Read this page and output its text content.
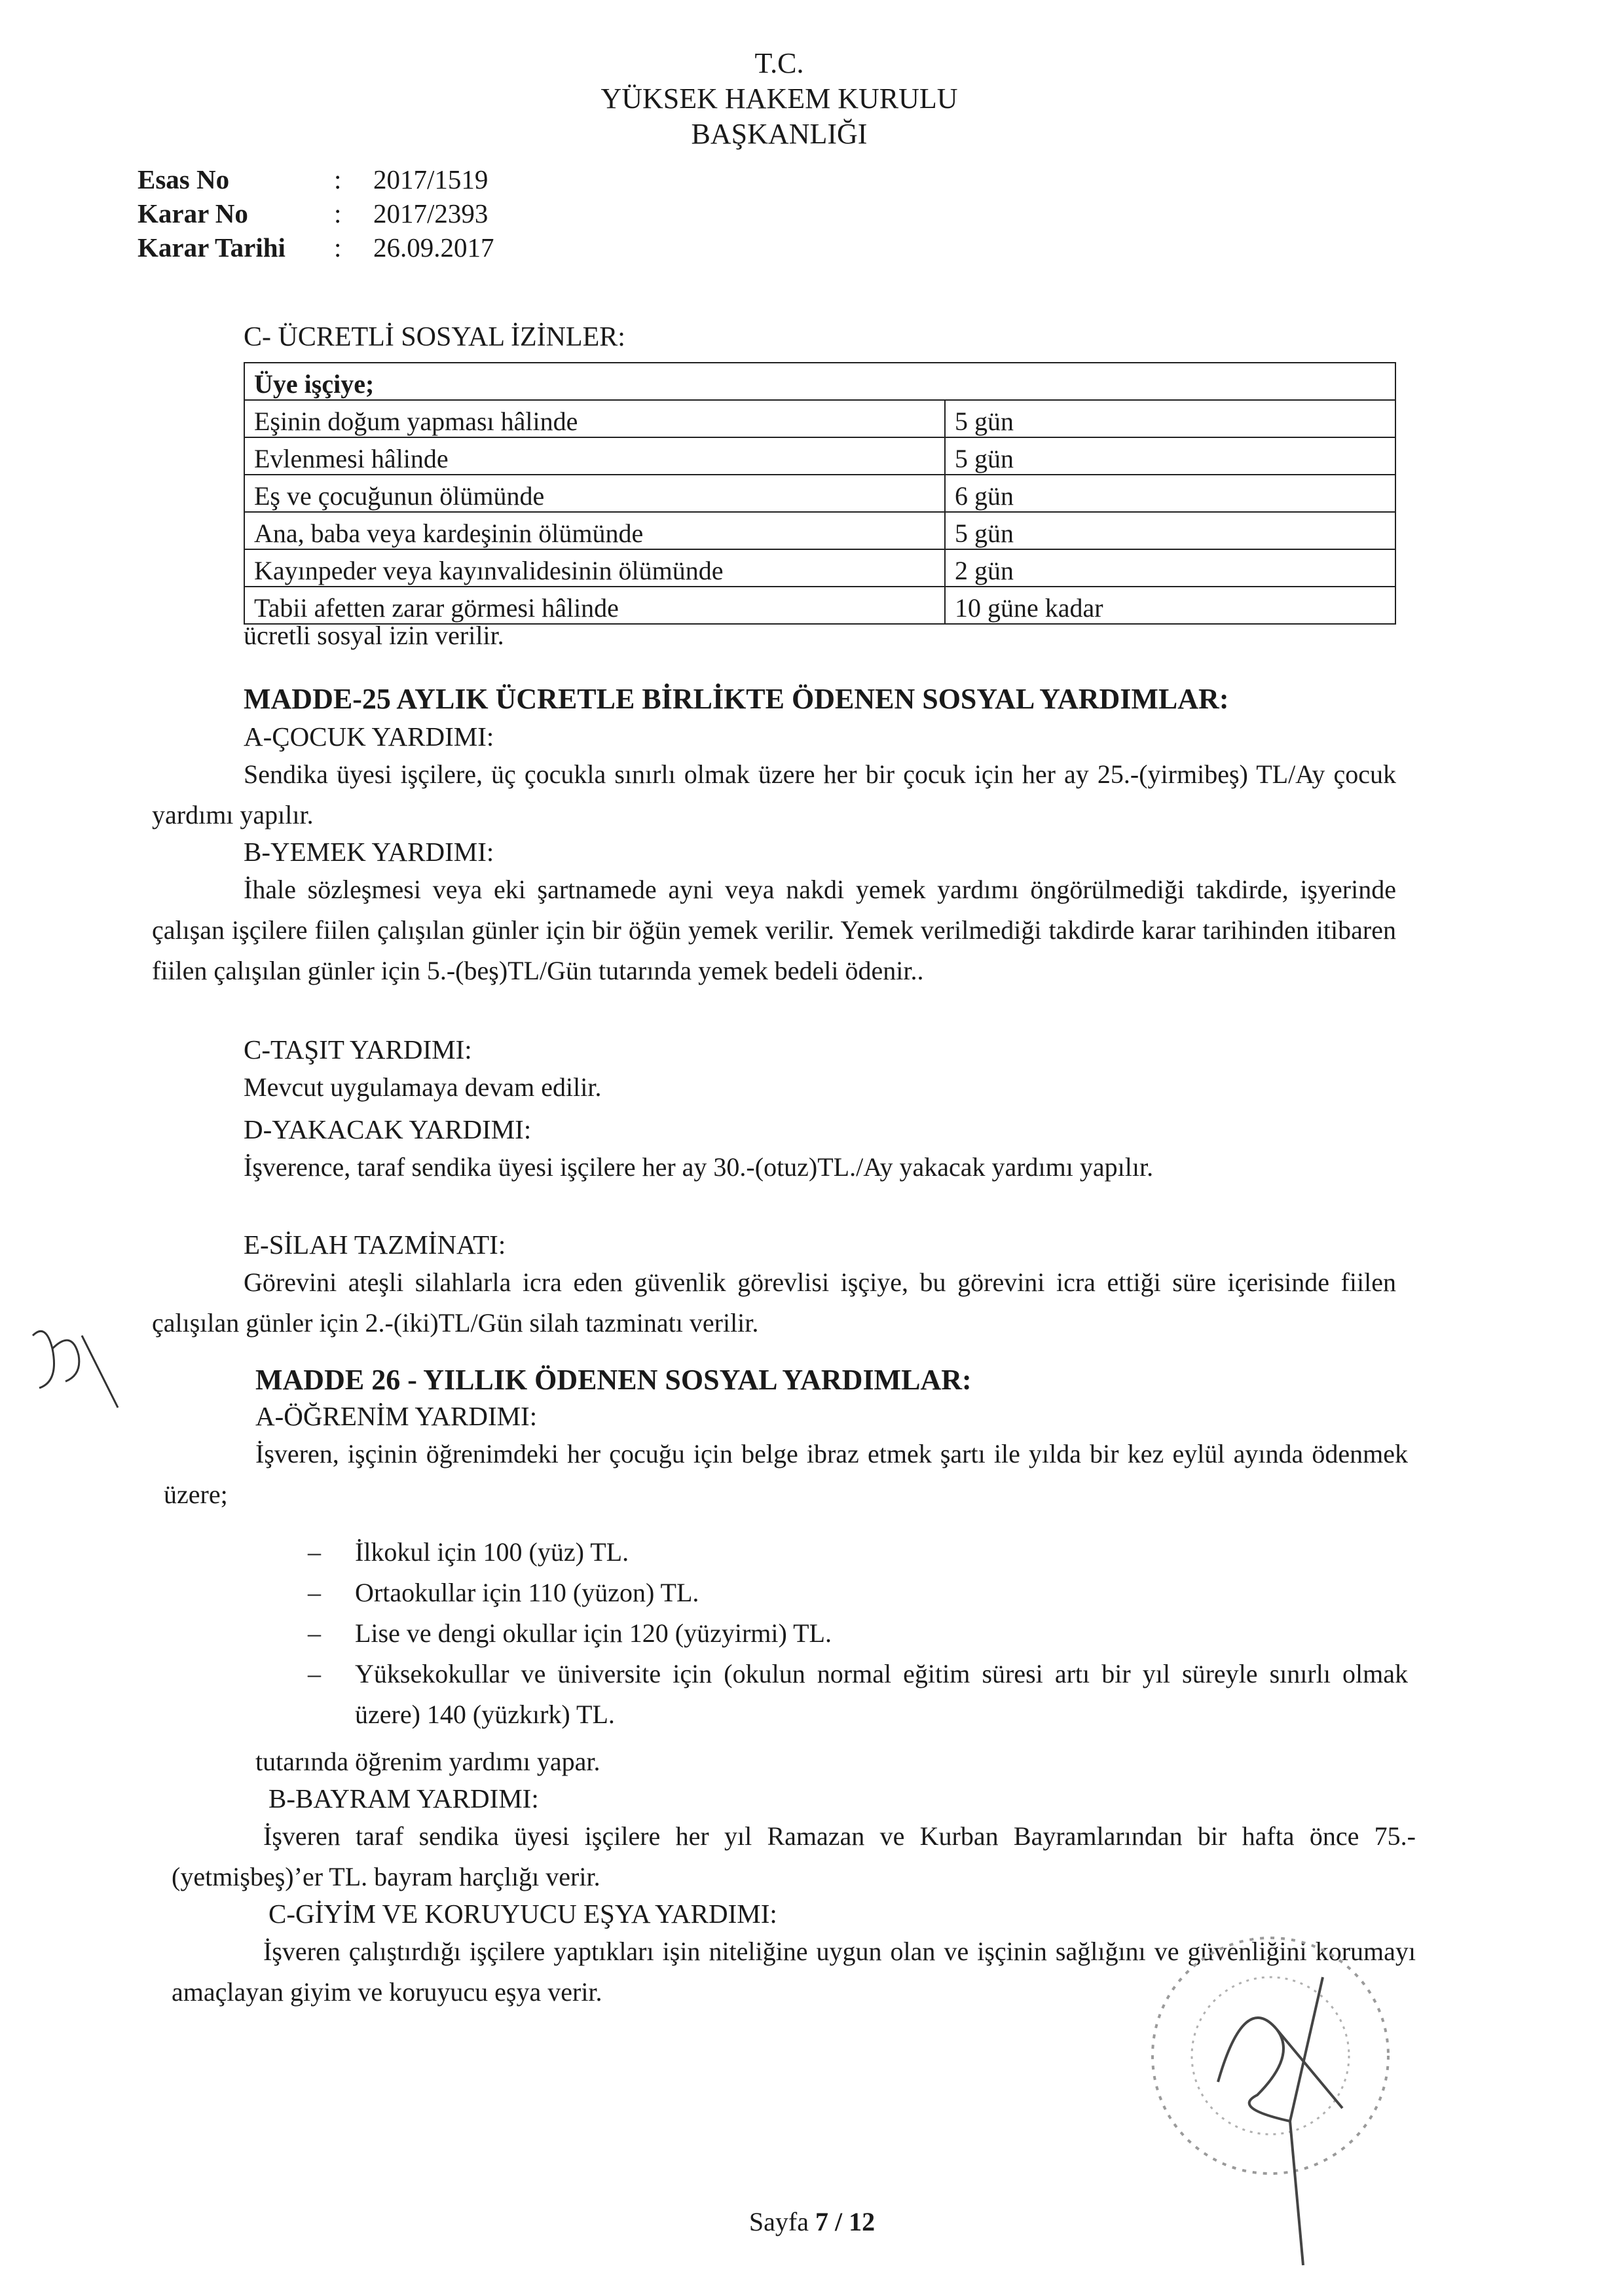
T.C.
YÜKSEK HAKEM KURULU
BAŞKANLIĞI
Esas No	: 2017/1519
Karar No	: 2017/2393
Karar Tarihi : 26.09.2017
C- ÜCRETLİ SOSYAL İZİNLER:
Üye işçiye;	
Eşinin doğum yapması hâlinde	5 gün
Evlenmesi hâlinde	5 gün
Eş ve çocuğunun ölümünde	6 gün
Ana, baba veya kardeşinin ölümünde	5 gün
Kayınpeder veya kayınvalidesinin ölümünde	2 gün
Tabii afetten zarar görmesi hâlinde	10 güne kadar
ücretli sosyal izin verilir.
MADDE-25 AYLIK ÜCRETLE BİRLİKTE ÖDENEN SOSYAL YARDIMLAR:
A-ÇOCUK YARDIMI:
Sendika üyesi işçilere, üç çocukla sınırlı olmak üzere her bir çocuk için her ay 25.-(yirmibeş) TL/Ay çocuk yardımı yapılır.
B-YEMEK YARDIMI:
İhale sözleşmesi veya eki şartnamede ayni veya nakdi yemek yardımı öngörülmediği takdirde, işyerinde çalışan işçilere fiilen çalışılan günler için bir öğün yemek verilir. Yemek verilmediği takdirde karar tarihinden itibaren fiilen çalışılan günler için 5.-(beş)TL/Gün tutarında yemek bedeli ödenir..
C-TAŞIT YARDIMI:
Mevcut uygulamaya devam edilir.
D-YAKACAK YARDIMI:
İşverence, taraf sendika üyesi işçilere her ay 30.-(otuz)TL./Ay yakacak yardımı yapılır.
E-SİLAH TAZMİNATI:
Görevini ateşli silahlarla icra eden güvenlik görevlisi işçiye, bu görevini icra ettiği süre içerisinde fiilen çalışılan günler için 2.-(iki)TL/Gün silah tazminatı verilir.
MADDE 26 - YILLIK ÖDENEN SOSYAL YARDIMLAR:
A-ÖĞRENİM YARDIMI:
İşveren, işçinin öğrenimdeki her çocuğu için belge ibraz etmek şartı ile yılda bir kez eylül ayında ödenmek üzere;
– İlkokul için 100 (yüz) TL.
– Ortaokullar için 110 (yüzon) TL.
– Lise ve dengi okullar için 120 (yüzyirmi) TL.
– Yüksekokullar ve üniversite için (okulun normal eğitim süresi artı bir yıl süreyle sınırlı olmak üzere) 140 (yüzkırk) TL.
tutarında öğrenim yardımı yapar.
B-BAYRAM YARDIMI:
İşveren taraf sendika üyesi işçilere her yıl Ramazan ve Kurban Bayramlarından bir hafta önce 75.-(yetmişbeş)’er TL. bayram harçlığı verir.
C-GİYİM VE KORUYUCU EŞYA YARDIMI:
İşveren çalıştırdığı işçilere yaptıkları işin niteliğine uygun olan ve işçinin sağlığını ve güvenliğini korumayı amaçlayan giyim ve koruyucu eşya verir.
Sayfa 7 / 12
